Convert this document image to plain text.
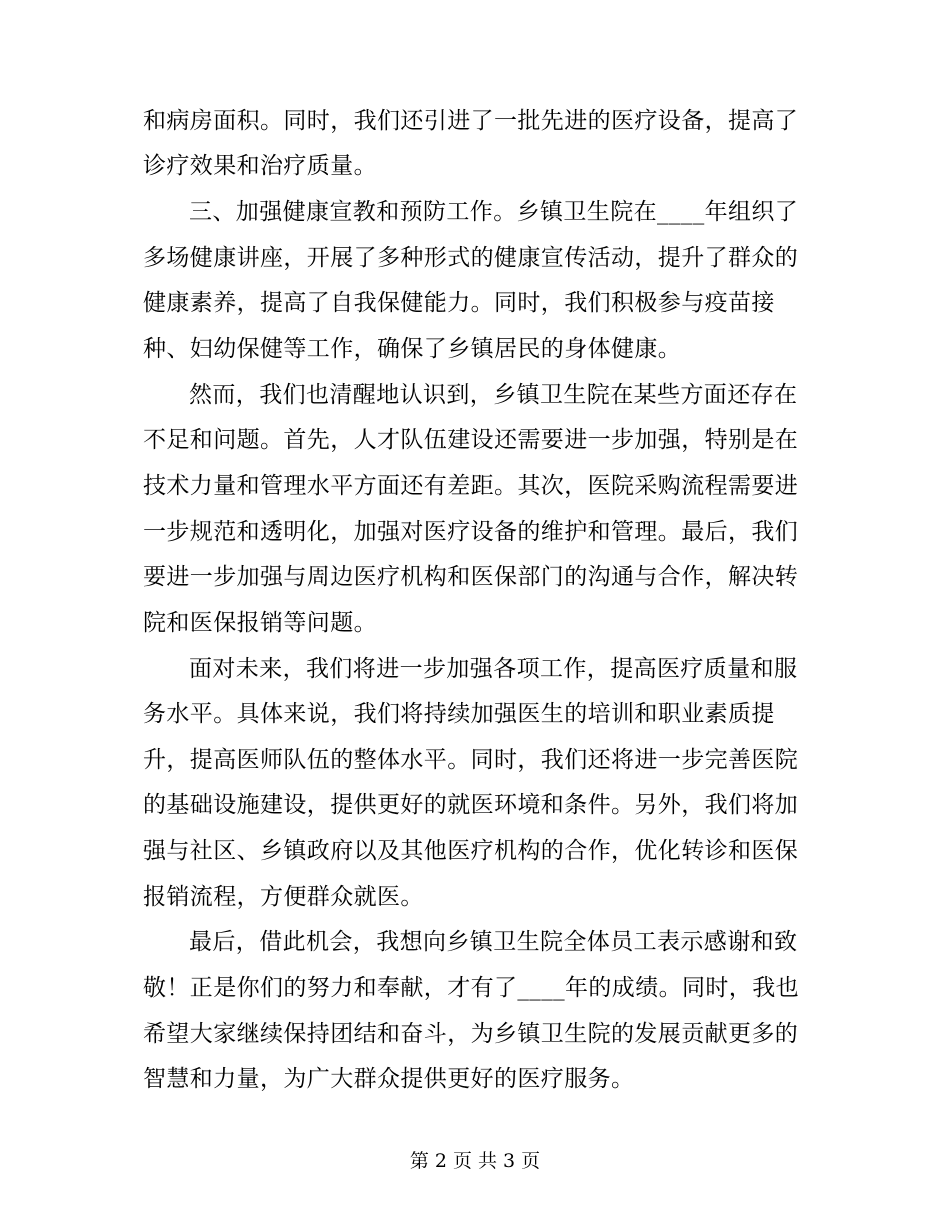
和病房面积。同时，我们还引进了一批先进的医疗设备，提高了
诊疗效果和治疗质量。
三、加强健康宣教和预防工作。乡镇卫生院在____年组织了
多场健康讲座，开展了多种形式的健康宣传活动，提升了群众的
健康素养，提高了自我保健能力。同时，我们积极参与疫苗接
种、妇幼保健等工作，确保了乡镇居民的身体健康。
然而，我们也清醒地认识到，乡镇卫生院在某些方面还存在
不足和问题。首先，人才队伍建设还需要进一步加强，特别是在
技术力量和管理水平方面还有差距。其次，医院采购流程需要进
一步规范和透明化，加强对医疗设备的维护和管理。最后，我们
要进一步加强与周边医疗机构和医保部门的沟通与合作，解决转
院和医保报销等问题。
面对未来，我们将进一步加强各项工作，提高医疗质量和服
务水平。具体来说，我们将持续加强医生的培训和职业素质提
升，提高医师队伍的整体水平。同时，我们还将进一步完善医院
的基础设施建设，提供更好的就医环境和条件。另外，我们将加
强与社区、乡镇政府以及其他医疗机构的合作，优化转诊和医保
报销流程，方便群众就医。
最后，借此机会，我想向乡镇卫生院全体员工表示感谢和致
敬！正是你们的努力和奉献，才有了____年的成绩。同时，我也
希望大家继续保持团结和奋斗，为乡镇卫生院的发展贡献更多的
智慧和力量，为广大群众提供更好的医疗服务。
第 2 页 共 3 页
